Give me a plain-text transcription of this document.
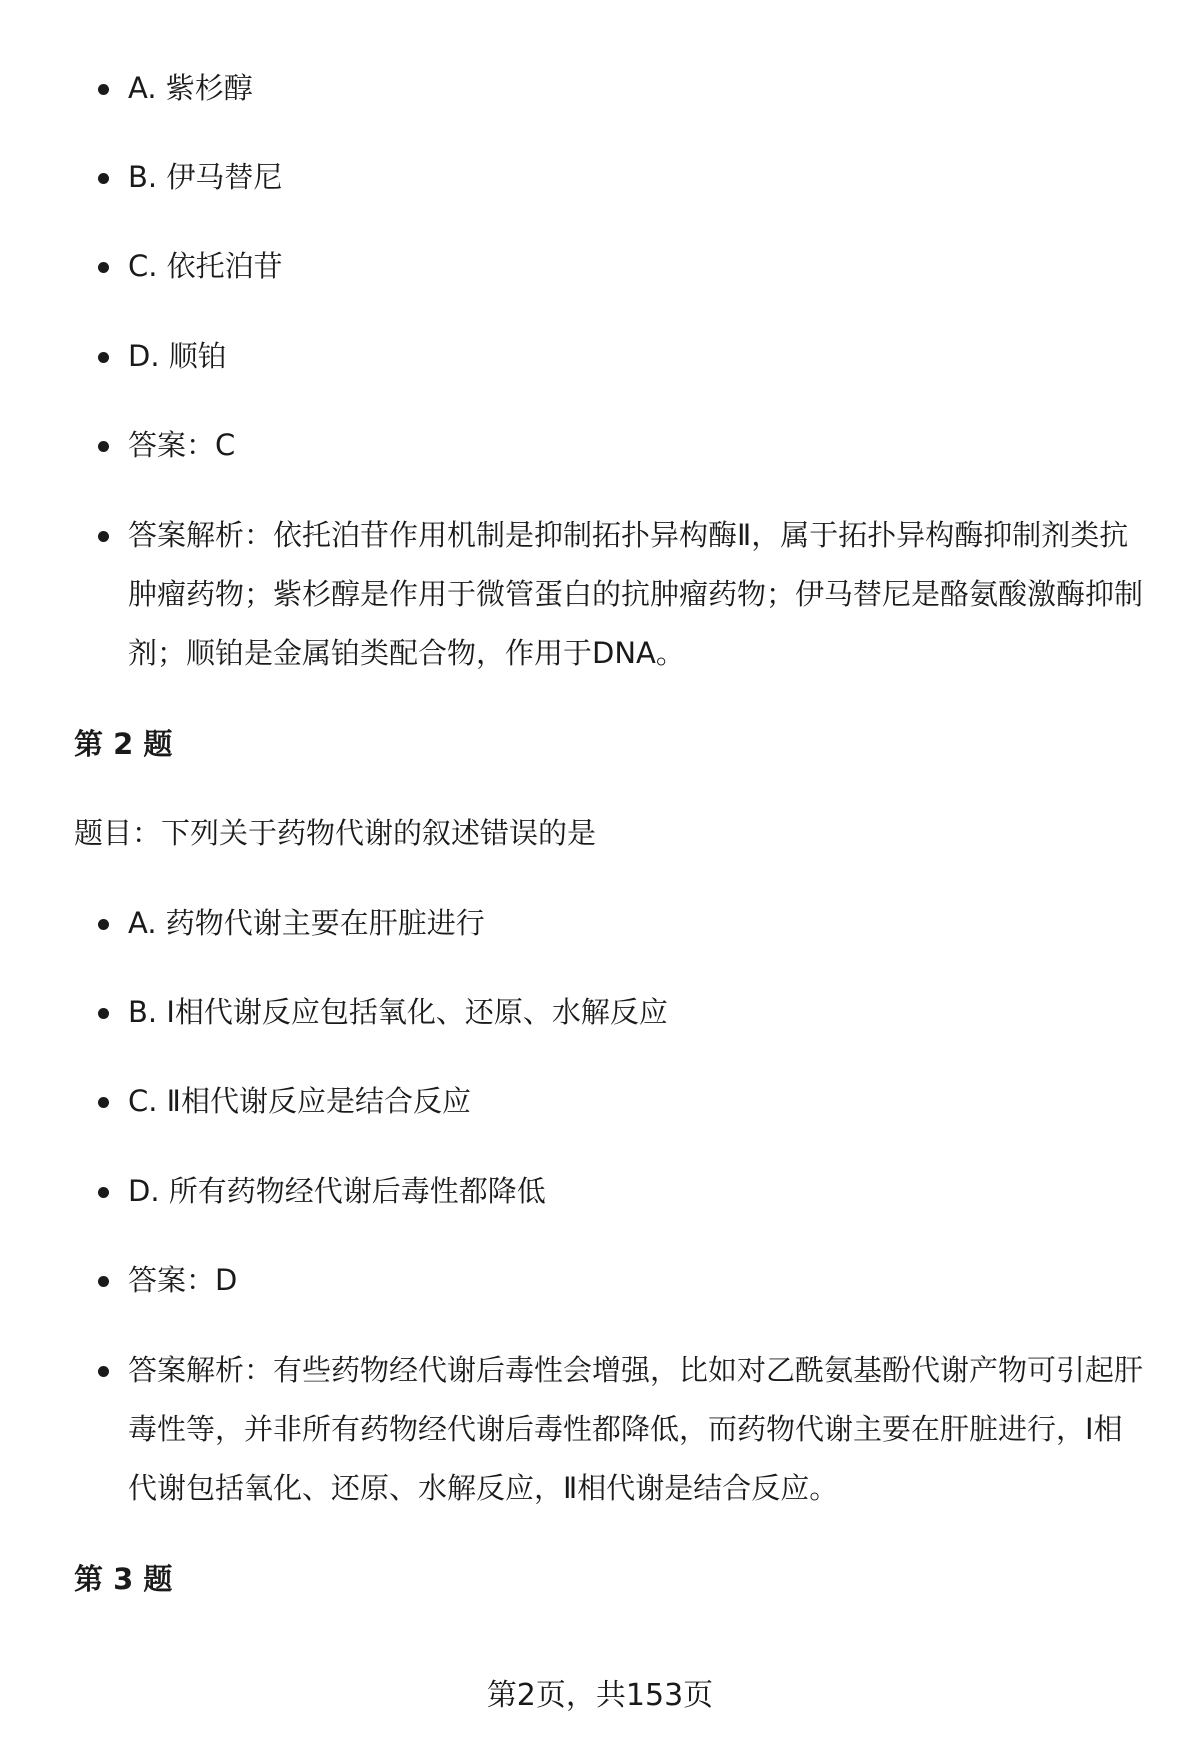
A. 紫杉醇
B. 伊马替尼
C. 依托泊苷
D. 顺铂
答案：C
答案解析：依托泊苷作用机制是抑制拓扑异构酶Ⅱ，属于拓扑异构酶抑制剂类抗肿瘤药物；紫杉醇是作用于微管蛋白的抗肿瘤药物；伊马替尼是酪氨酸激酶抑制剂；顺铂是金属铂类配合物，作用于DNA。
第 2 题
题目：下列关于药物代谢的叙述错误的是
A. 药物代谢主要在肝脏进行
B. Ⅰ相代谢反应包括氧化、还原、水解反应
C. Ⅱ相代谢反应是结合反应
D. 所有药物经代谢后毒性都降低
答案：D
答案解析：有些药物经代谢后毒性会增强，比如对乙酰氨基酚代谢产物可引起肝毒性等，并非所有药物经代谢后毒性都降低，而药物代谢主要在肝脏进行，Ⅰ相代谢包括氧化、还原、水解反应，Ⅱ相代谢是结合反应。
第 3 题
第2页，共153页
